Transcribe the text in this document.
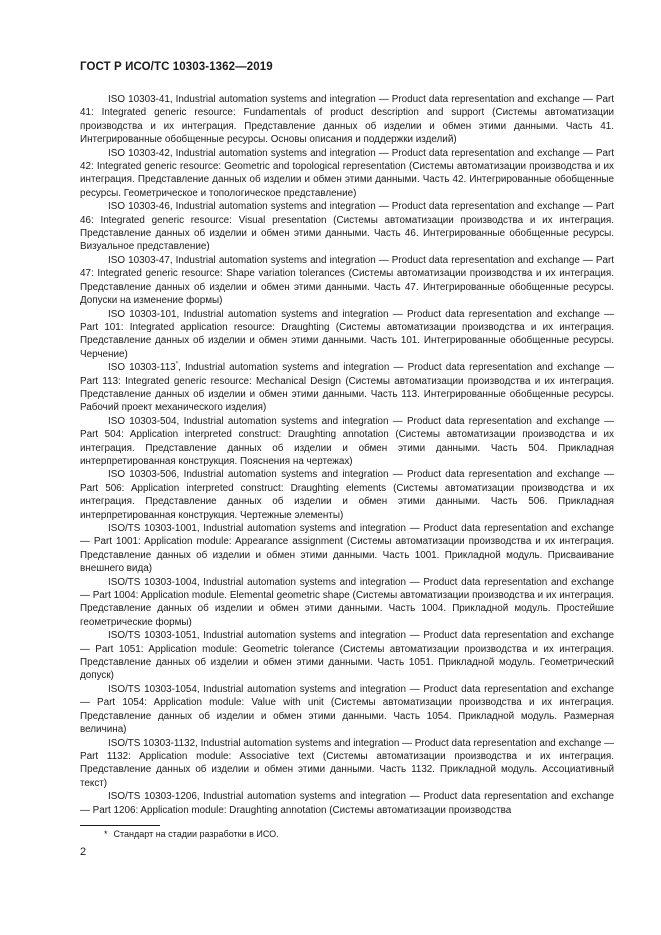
ГОСТ Р ИСО/ТС 10303-1362—2019

ISO 10303-41, Industrial automation systems and integration — Product data representation and exchange — Part 41: Integrated generic resource: Fundamentals of product description and support (Системы автоматизации производства и их интеграция. Представление данных об изделии и обмен этими данными. Часть 41. Интегрированные обобщенные ресурсы. Основы описания и поддержки изделий)

ISO 10303-42, Industrial automation systems and integration — Product data representation and exchange — Part 42: Integrated generic resource: Geometric and topological representation (Системы автоматизации производства и их интеграция. Представление данных об изделии и обмен этими данными. Часть 42. Интегрированные обобщенные ресурсы. Геометрическое и топологическое представление)

ISO 10303-46, Industrial automation systems and integration — Product data representation and exchange — Part 46: Integrated generic resource: Visual presentation (Системы автоматизации производства и их интеграция. Представление данных об изделии и обмен этими данными. Часть 46. Интегрированные обобщенные ресурсы. Визуальное представление)

ISO 10303-47, Industrial automation systems and integration — Product data representation and exchange — Part 47: Integrated generic resource: Shape variation tolerances (Системы автоматизации производства и их интеграция. Представление данных об изделии и обмен этими данными. Часть 47. Интегрированные обобщенные ресурсы. Допуски на изменение формы)

ISO 10303-101, Industrial automation systems and integration — Product data representation and exchange — Part 101: Integrated application resource: Draughting (Системы автоматизации производства и их интеграция. Представление данных об изделии и обмен этими данными. Часть 101. Интегрированные обобщенные ресурсы. Черчение)

ISO 10303-113*, Industrial automation systems and integration — Product data representation and exchange — Part 113: Integrated generic resource: Mechanical Design (Системы автоматизации производства и их интеграция. Представление данных об изделии и обмен этими данными. Часть 113. Интегрированные обобщенные ресурсы. Рабочий проект механического изделия)

ISO 10303-504, Industrial automation systems and integration — Product data representation and exchange — Part 504: Application interpreted construct: Draughting annotation (Системы автоматизации производства и их интеграция. Представление данных об изделии и обмен этими данными. Часть 504. Прикладная интерпретированная конструкция. Пояснения на чертежах)

ISO 10303-506, Industrial automation systems and integration — Product data representation and exchange — Part 506: Application interpreted construct: Draughting elements (Системы автоматизации производства и их интеграция. Представление данных об изделии и обмен этими данными. Часть 506. Прикладная интерпретированная конструкция. Чертежные элементы)

ISO/TS 10303-1001, Industrial automation systems and integration — Product data representation and exchange — Part 1001: Application module: Appearance assignment (Системы автоматизации производства и их интеграция. Представление данных об изделии и обмен этими данными. Часть 1001. Прикладной модуль. Присваивание внешнего вида)

ISO/TS 10303-1004, Industrial automation systems and integration — Product data representation and exchange — Part 1004: Application module. Elemental geometric shape (Системы автоматизации производства и их интеграция. Представление данных об изделии и обмен этими данными. Часть 1004. Прикладной модуль. Простейшие геометрические формы)

ISO/TS 10303-1051, Industrial automation systems and integration — Product data representation and exchange — Part 1051: Application module: Geometric tolerance (Системы автоматизации производства и их интеграция. Представление данных об изделии и обмен этими данными. Часть 1051. Прикладной модуль. Геометрический допуск)

ISO/TS 10303-1054, Industrial automation systems and integration — Product data representation and exchange — Part 1054: Application module: Value with unit (Системы автоматизации производства и их интеграция. Представление данных об изделии и обмен этими данными. Часть 1054. Прикладной модуль. Размерная величина)

ISO/TS 10303-1132, Industrial automation systems and integration — Product data representation and exchange — Part 1132: Application module: Associative text (Системы автоматизации производства и их интеграция. Представление данных об изделии и обмен этими данными. Часть 1132. Прикладной модуль. Ассоциативный текст)

ISO/TS 10303-1206, Industrial automation systems and integration — Product data representation and exchange — Part 1206: Application module: Draughting annotation (Системы автоматизации производства

* Стандарт на стадии разработки в ИСО.
2
